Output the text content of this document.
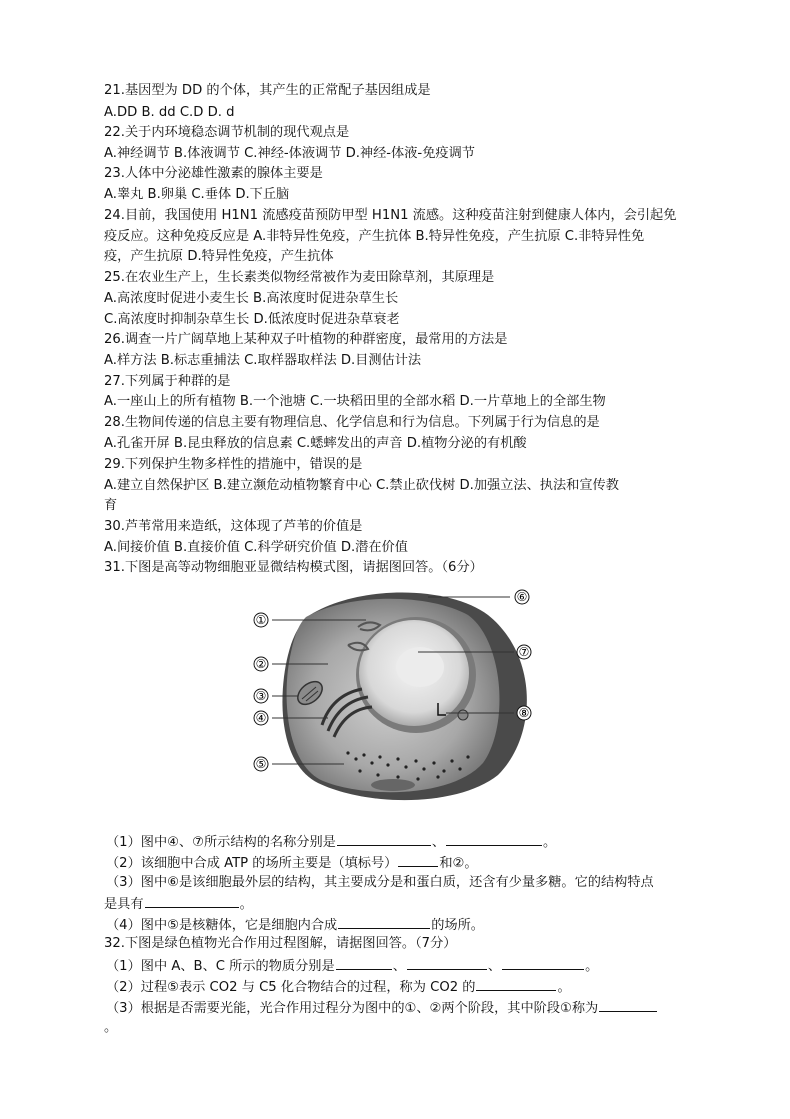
21.基因型为 DD 的个体，其产生的正常配子基因组成是
A.DD B. dd C.D D. d
22.关于内环境稳态调节机制的现代观点是
A.神经调节 B.体液调节 C.神经-体液调节 D.神经-体液-免疫调节
23.人体中分泌雄性激素的腺体主要是
A.睾丸 B.卵巢 C.垂体 D.下丘脑
24.目前，我国使用 H1N1 流感疫苗预防甲型 H1N1 流感。这种疫苗注射到健康人体内，会引起免
疫反应。这种免疫反应是 A.非特异性免疫，产生抗体 B.特异性免疫，产生抗原 C.非特异性免
疫，产生抗原 D.特异性免疫，产生抗体
25.在农业生产上，生长素类似物经常被作为麦田除草剂，其原理是
A.高浓度时促进小麦生长 B.高浓度时促进杂草生长
C.高浓度时抑制杂草生长 D.低浓度时促进杂草衰老
26.调查一片广阔草地上某种双子叶植物的种群密度，最常用的方法是
A.样方法 B.标志重捕法 C.取样器取样法 D.目测估计法
27.下列属于种群的是
A.一座山上的所有植物 B.一个池塘 C.一块稻田里的全部水稻 D.一片草地上的全部生物
28.生物间传递的信息主要有物理信息、化学信息和行为信息。下列属于行为信息的是
A.孔雀开屏 B.昆虫释放的信息素 C.蟋蟀发出的声音 D.植物分泌的有机酸
29.下列保护生物多样性的措施中，错误的是
A.建立自然保护区 B.建立濒危动植物繁育中心 C.禁止砍伐树 D.加强立法、执法和宣传教
育
30.芦苇常用来造纸，这体现了芦苇的价值是
A.间接价值 B.直接价值 C.科学研究价值 D.潜在价值
31.下图是高等动物细胞亚显微结构模式图，请据图回答。（6分）
①
②
③
④
⑤
⑥
⑦
⑧
（1）图中④、⑦所示结构的名称分别是	、	。
（2）该细胞中合成 ATP 的场所主要是（填标号）	和②。
（3）图中⑥是该细胞最外层的结构，其主要成分是和蛋白质，还含有少量多糖。它的结构特点
是具有	。
（4）图中⑤是核糖体，它是细胞内合成	的场所。
32.下图是绿色植物光合作用过程图解，请据图回答。（7分）
（1）图中 A、B、C 所示的物质分别是	、	、	。
（2）过程⑤表示 CO2 与 C5 化合物结合的过程，称为 CO2 的	。
（3）根据是否需要光能，光合作用过程分为图中的①、②两个阶段，其中阶段①称为
。
